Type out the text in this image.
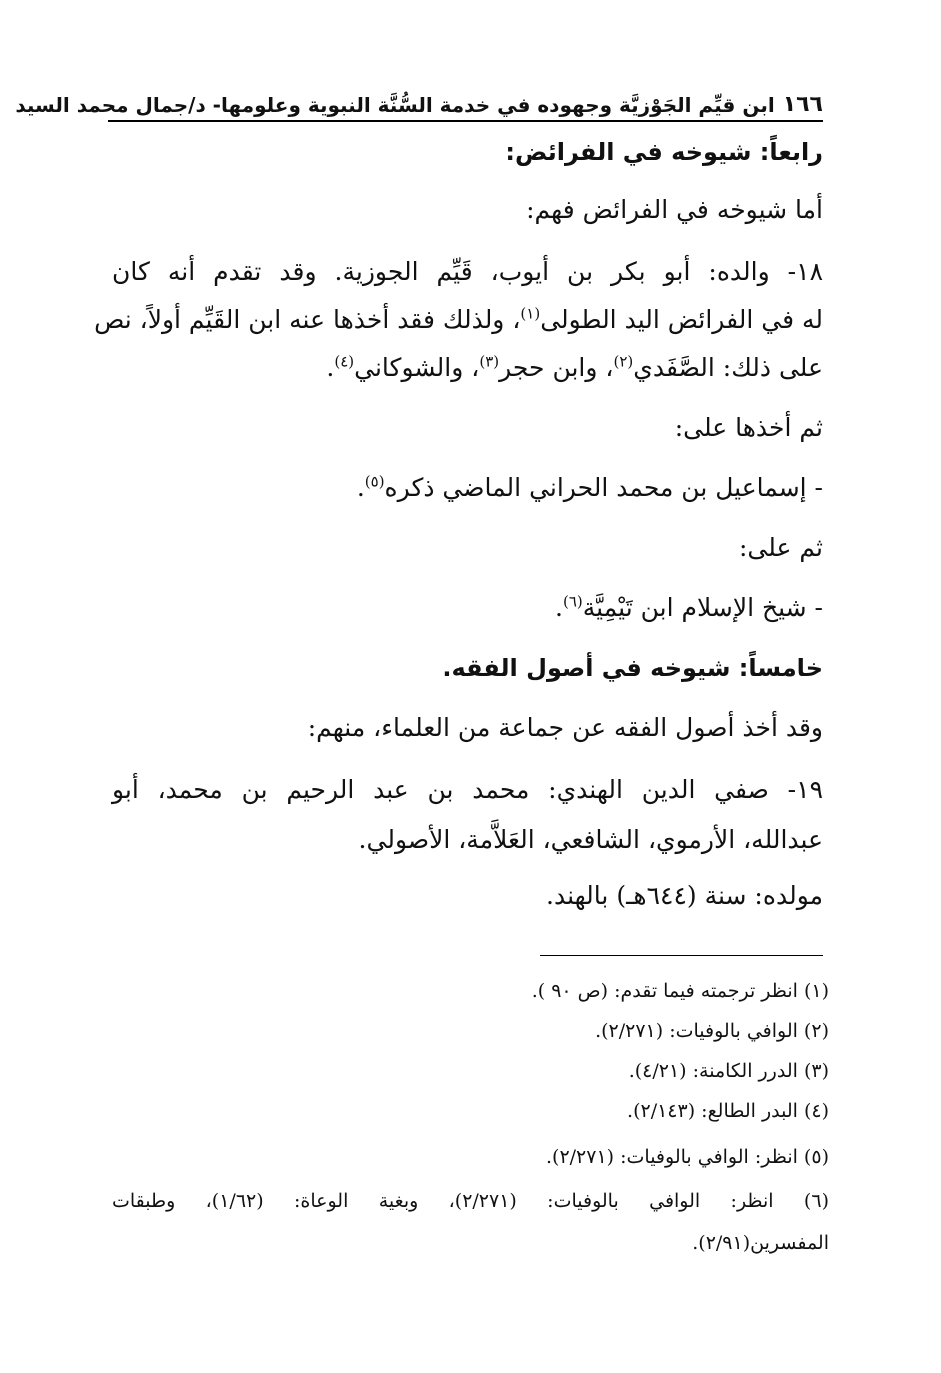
١٦٦
ابن قيِّم الجَوْزيَّة وجهوده في خدمة السُّنَّة النبوية وعلومها- د/جمال محمد السيد
رابعاً: شيوخه في الفرائض:
أما شيوخه في الفرائض فهم:
١٨- والده: أبو بكر بن أيوب، قَيِّم الجوزية. وقد تقدم أنه كان
له في الفرائض اليد الطولى$^{(١)}$، ولذلك فقد أخذها عنه ابن القَيِّم أولاً، نص
على ذلك: الصَّفَدي$^{(٢)}$، وابن حجر$^{(٣)}$، والشوكاني$^{(٤)}$.
ثم أخذها على:
- إسماعيل بن محمد الحراني الماضي ذكره$^{(٥)}$.
ثم على:
- شيخ الإسلام ابن تَيْمِيَّة$^{(٦)}$.
خامساً: شيوخه في أصول الفقه.
وقد أخذ أصول الفقه عن جماعة من العلماء، منهم:
١٩- صفي الدين الهندي: محمد بن عبد الرحيم بن محمد، أبو
عبدالله، الأرموي، الشافعي، العَلاَّمة، الأصولي.
مولده: سنة (٦٤٤هـ) بالهند.
(١) انظر ترجمته فيما تقدم: (ص ٩٠ ).
(٢) الوافي بالوفيات: (٢/٢٧١).
(٣) الدرر الكامنة: (٤/٢١).
(٤) البدر الطالع: (٢/١٤٣).
(٥) انظر: الوافي بالوفيات: (٢/٢٧١).
(٦) انظر: الوافي بالوفيات: (٢/٢٧١)، وبغية الوعاة: (١/٦٢)، وطبقات
المفسرين(٢/٩١).
